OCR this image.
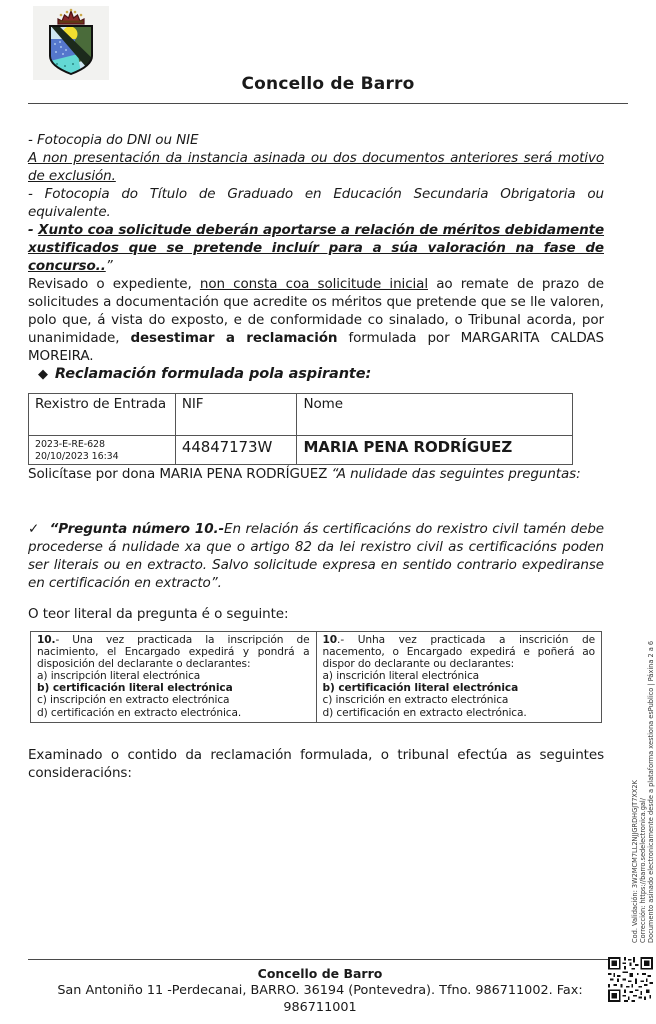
Concello de Barro

- Fotocopia do DNI ou NIE

A non presentación da instancia asinada ou dos documentos anteriores será motivo de exclusión.

- Fotocopia do Título de Graduado en Educación Secundaria Obrigatoria ou equivalente.

- Xunto coa solicitude deberán aportarse a relación de méritos debidamente xustificados que se pretende incluír para a súa valoración na fase de concurso..”

Revisado o expediente, non consta coa solicitude inicial ao remate de prazo de solicitudes a documentación que acredite os méritos que pretende que se lle valoren, polo que, á vista do exposto, e de conformidade co sinalado, o Tribunal acorda, por unanimidade, desestimar a reclamación formulada por MARGARITA CALDAS MOREIRA.

◆ Reclamación formulada pola aspirante:

Rexistro de Entrada	NIF	Nome

2023-E-RE-628
20/10/2023 16:34	44847173W	MARIA PENA RODRÍGUEZ

Solicítase por dona MARIA PENA RODRÍGUEZ “A nulidade das seguintes preguntas:

✓ “Pregunta número 10.-En relación ás certificacións do rexistro civil tamén debe procederse á nulidade xa que o artigo 82 da lei rexistro civil as certificacións poden ser literais ou en extracto. Salvo solicitude expresa en sentido contrario expediranse en certificación en extracto”.

O teor literal da pregunta é o seguinte:

10.- Una vez practicada la inscripción de nacimiento, el Encargado expedirá y pondrá a disposición del declarante o declarantes:

a) inscripción literal electrónica

b) certificación literal electrónica

c) inscripción en extracto electrónica

d) certificación en extracto electrónica.

10.- Unha vez practicada a inscrición de nacemento, o Encargado expedirá e poñerá ao dispor do declarante ou declarantes:

a) inscrición literal electrónica

b) certificación literal electrónica

c) inscrición en extracto electrónica

d) certificación en extracto electrónica.

Examinado o contido da reclamación formulada, o tribunal efectúa as seguintes consideracións:

Concello de Barro
San Antoniño 11 -Perdecanai, BARRO. 36194 (Pontevedra). Tfno. 986711002. Fax: 986711001
Cod. Validación: 3W2MCM7LL2NJJGRDHGJT7XX2K Corrección: https://barro.sedelectronica.gal/ Documento asinado electronicamente desde a plataforma xestiona esPublico | Páxina 2 a 6
